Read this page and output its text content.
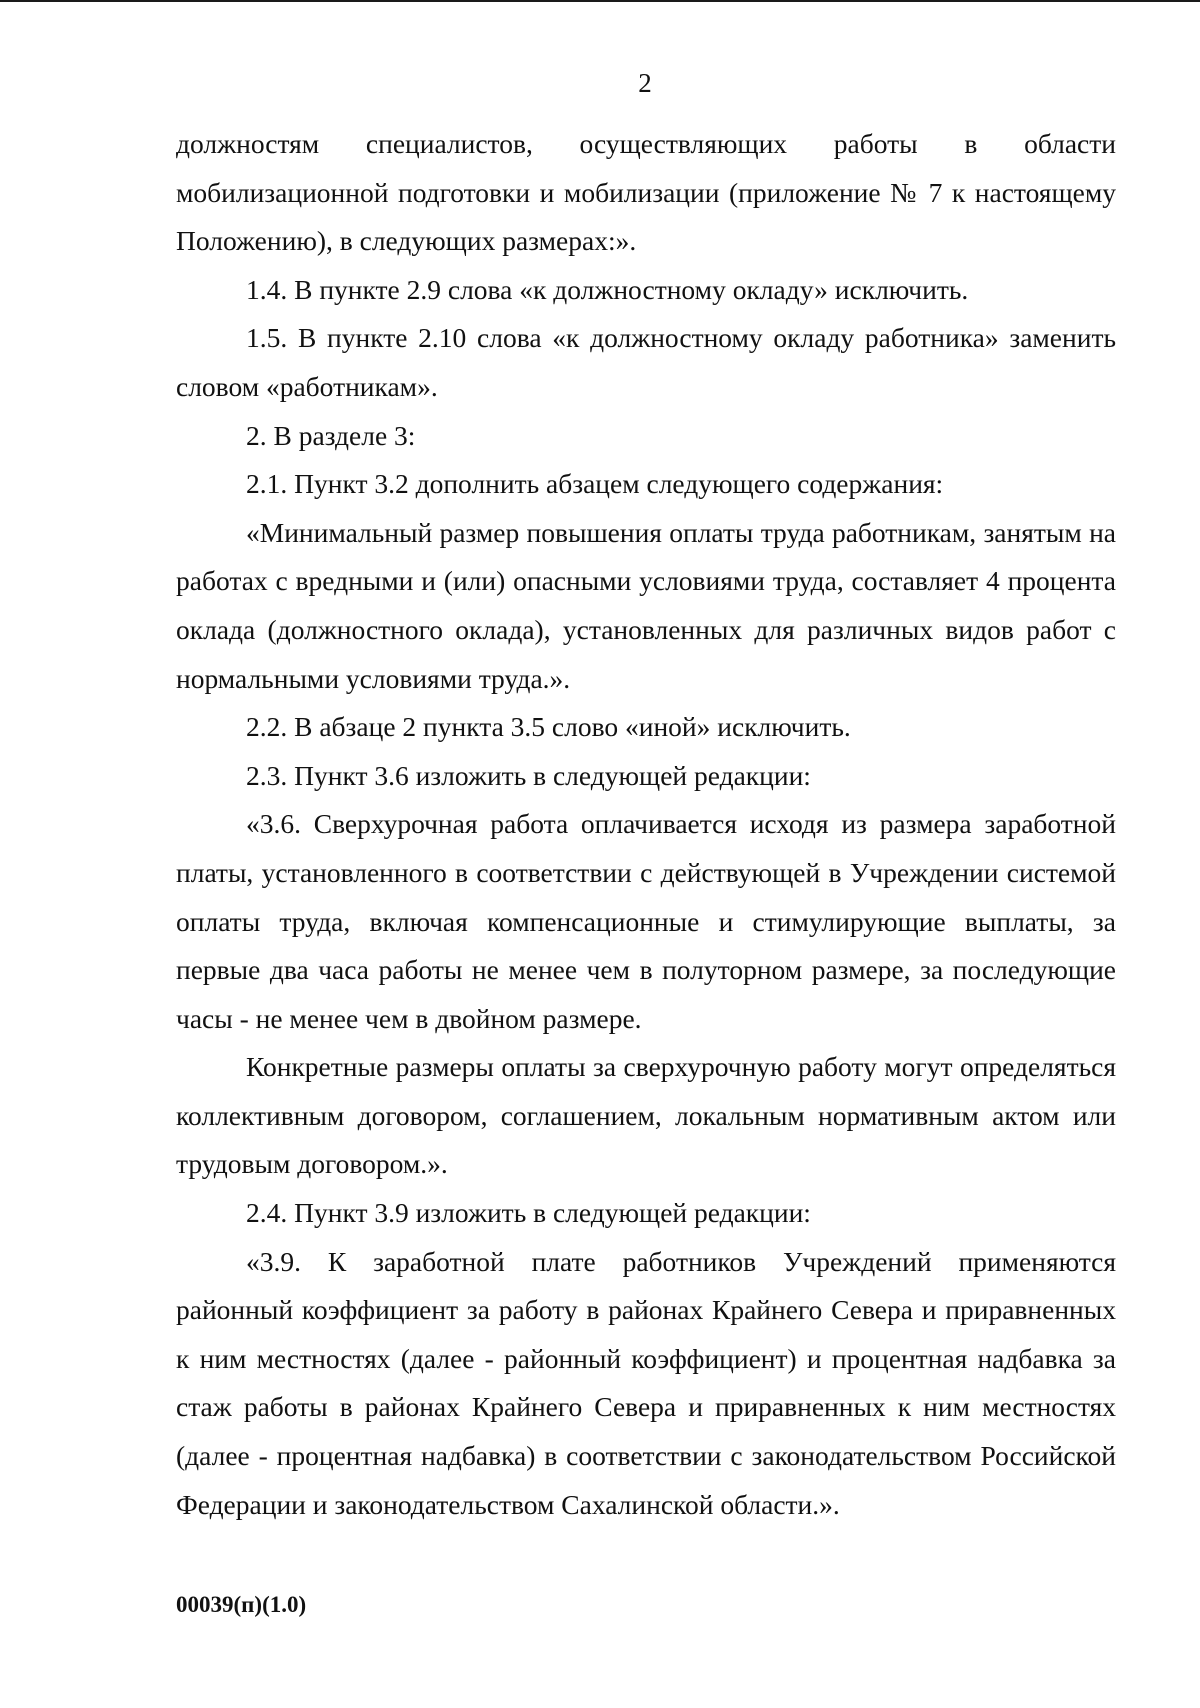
2

должностям специалистов, осуществляющих работы в области мобилизационной подготовки и мобилизации (приложение № 7 к настоящему Положению), в следующих размерах:».

1.4. В пункте 2.9 слова «к должностному окладу» исключить.

1.5. В пункте 2.10 слова «к должностному окладу работника» заменить словом «работникам».

2. В разделе 3:

2.1. Пункт 3.2 дополнить абзацем следующего содержания:

«Минимальный размер повышения оплаты труда работникам, занятым на работах с вредными и (или) опасными условиями труда, составляет 4 процента оклада (должностного оклада), установленных для различных видов работ с нормальными условиями труда.».

2.2. В абзаце 2 пункта 3.5 слово «иной» исключить.

2.3. Пункт 3.6 изложить в следующей редакции:

«3.6. Сверхурочная работа оплачивается исходя из размера заработной платы, установленного в соответствии с действующей в Учреждении системой оплаты труда, включая компенсационные и стимулирующие выплаты, за первые два часа работы не менее чем в полуторном размере, за последующие часы - не менее чем в двойном размере.

Конкретные размеры оплаты за сверхурочную работу могут определяться коллективным договором, соглашением, локальным нормативным актом или трудовым договором.».

2.4. Пункт 3.9 изложить в следующей редакции:

«3.9. К заработной плате работников Учреждений применяются районный коэффициент за работу в районах Крайнего Севера и приравненных к ним местностях (далее - районный коэффициент) и процентная надбавка за стаж работы в районах Крайнего Севера и приравненных к ним местностях (далее - процентная надбавка) в соответствии с законодательством Российской Федерации и законодательством Сахалинской области.».

00039(п)(1.0)
